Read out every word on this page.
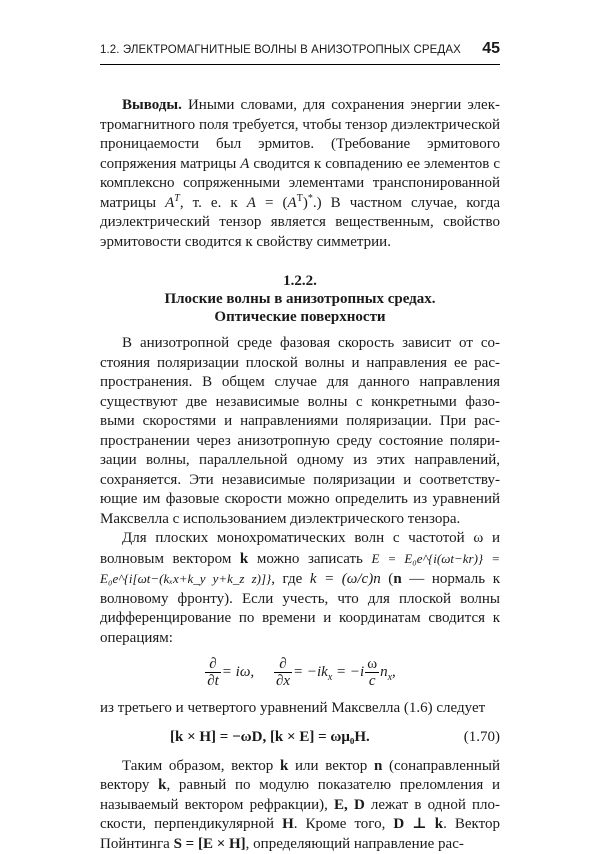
1.2. ЭЛЕКТРОМАГНИТНЫЕ ВОЛНЫ В АНИЗОТРОПНЫХ СРЕДАХ 45

Выводы. Иными словами, для сохранения энергии электромагнитного поля требуется, чтобы тензор диэлектрической проницаемости был эрмитов. (Требование эрмитового сопряжения матрицы A сводится к совпадению ее элементов с комплексно сопряженными элементами транспонированной матрицы $A^T$, т. е. к $A = (A^T)^*$.) В частном случае, когда диэлектрический тензор является вещественным, свойство эрмитовости сводится к свойству симметрии.

1.2.2.
Плоские волны в анизотропных средах.
Оптические поверхности

В анизотропной среде фазовая скорость зависит от состояния поляризации плоской волны и направления ее распространения. В общем случае для данного направления существуют две независимые волны с конкретными фазовыми скоростями и направлениями поляризации. При распространении через анизотропную среду состояние поляризации волны, параллельной одному из этих направлений, сохраняется. Эти независимые поляризации и соответствующие им фазовые скорости можно определить из уравнений Максвелла с использованием диэлектрического тензора.

Для плоских монохроматических волн с частотой ω и волновым вектором k можно записать E = E₀e^{i(ωt−kr)} = E₀e^{i[ωt−(kₓx+k_y y+k_z z)]}, где k = (ω/c)n (n — нормаль к волновому фронту). Если учесть, что для плоской волны дифференцирование по времени и координатам сводится к операциям:

$\frac{\partial}{\partial t} = i\omega$, $\frac{\partial}{\partial x} = -ik_x = -i \frac{\omega}{c} n_x$,

из третьего и четвертого уравнений Максвелла (1.6) следует

[k × H] = −ωD, [k × E] = ωμ₀H.	(1.70)

Таким образом, вектор k или вектор n (сонаправленный вектору k, равный по модулю показателю преломления и называемый вектором рефракции), E, D лежат в одной плоскости, перпендикулярной H. Кроме того, D ⊥ k. Вектор Пойнтинга S = [E × H], определяющий направление рас-
